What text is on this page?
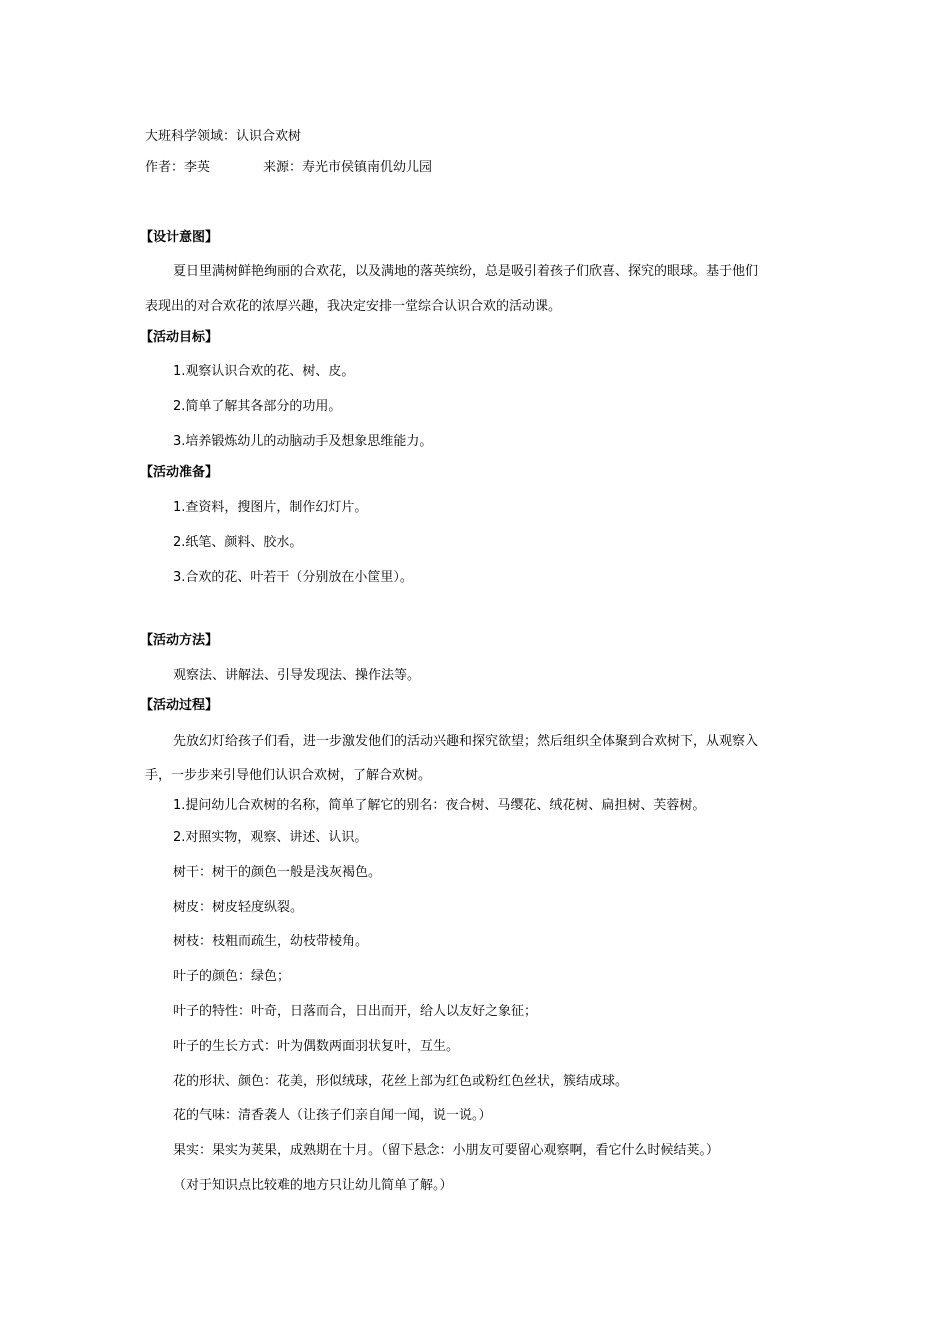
大班科学领域：认识合欢树
作者：李英	来源：寿光市侯镇南仉幼儿园
【设计意图】
夏日里满树鲜艳绚丽的合欢花，以及满地的落英缤纷，总是吸引着孩子们欣喜、探究的眼球。基于他们
表现出的对合欢花的浓厚兴趣，我决定安排一堂综合认识合欢的活动课。
【活动目标】
1.观察认识合欢的花、树、皮。
2.简单了解其各部分的功用。
3.培养锻炼幼儿的动脑动手及想象思维能力。
【活动准备】
1.查资料，搜图片，制作幻灯片。
2.纸笔、颜料、胶水。
3.合欢的花、叶若干（分别放在小筐里）。
【活动方法】
观察法、讲解法、引导发现法、操作法等。
【活动过程】
先放幻灯给孩子们看，进一步激发他们的活动兴趣和探究欲望；然后组织全体聚到合欢树下，从观察入
手，一步步来引导他们认识合欢树，了解合欢树。
1.提问幼儿合欢树的名称，简单了解它的别名：夜合树、马缨花、绒花树、扁担树、芙蓉树。
2.对照实物，观察、讲述、认识。
树干：树干的颜色一般是浅灰褐色。
树皮：树皮轻度纵裂。
树枝：枝粗而疏生，幼枝带棱角。
叶子的颜色：绿色；
叶子的特性：叶奇，日落而合，日出而开，给人以友好之象征；
叶子的生长方式：叶为偶数两面羽状复叶，互生。
花的形状、颜色：花美，形似绒球，花丝上部为红色或粉红色丝状，簇结成球。
花的气味：清香袭人（让孩子们亲自闻一闻，说一说。）
果实：果实为荚果，成熟期在十月。（留下悬念：小朋友可要留心观察啊，看它什么时候结荚。）
（对于知识点比较难的地方只让幼儿简单了解。）
